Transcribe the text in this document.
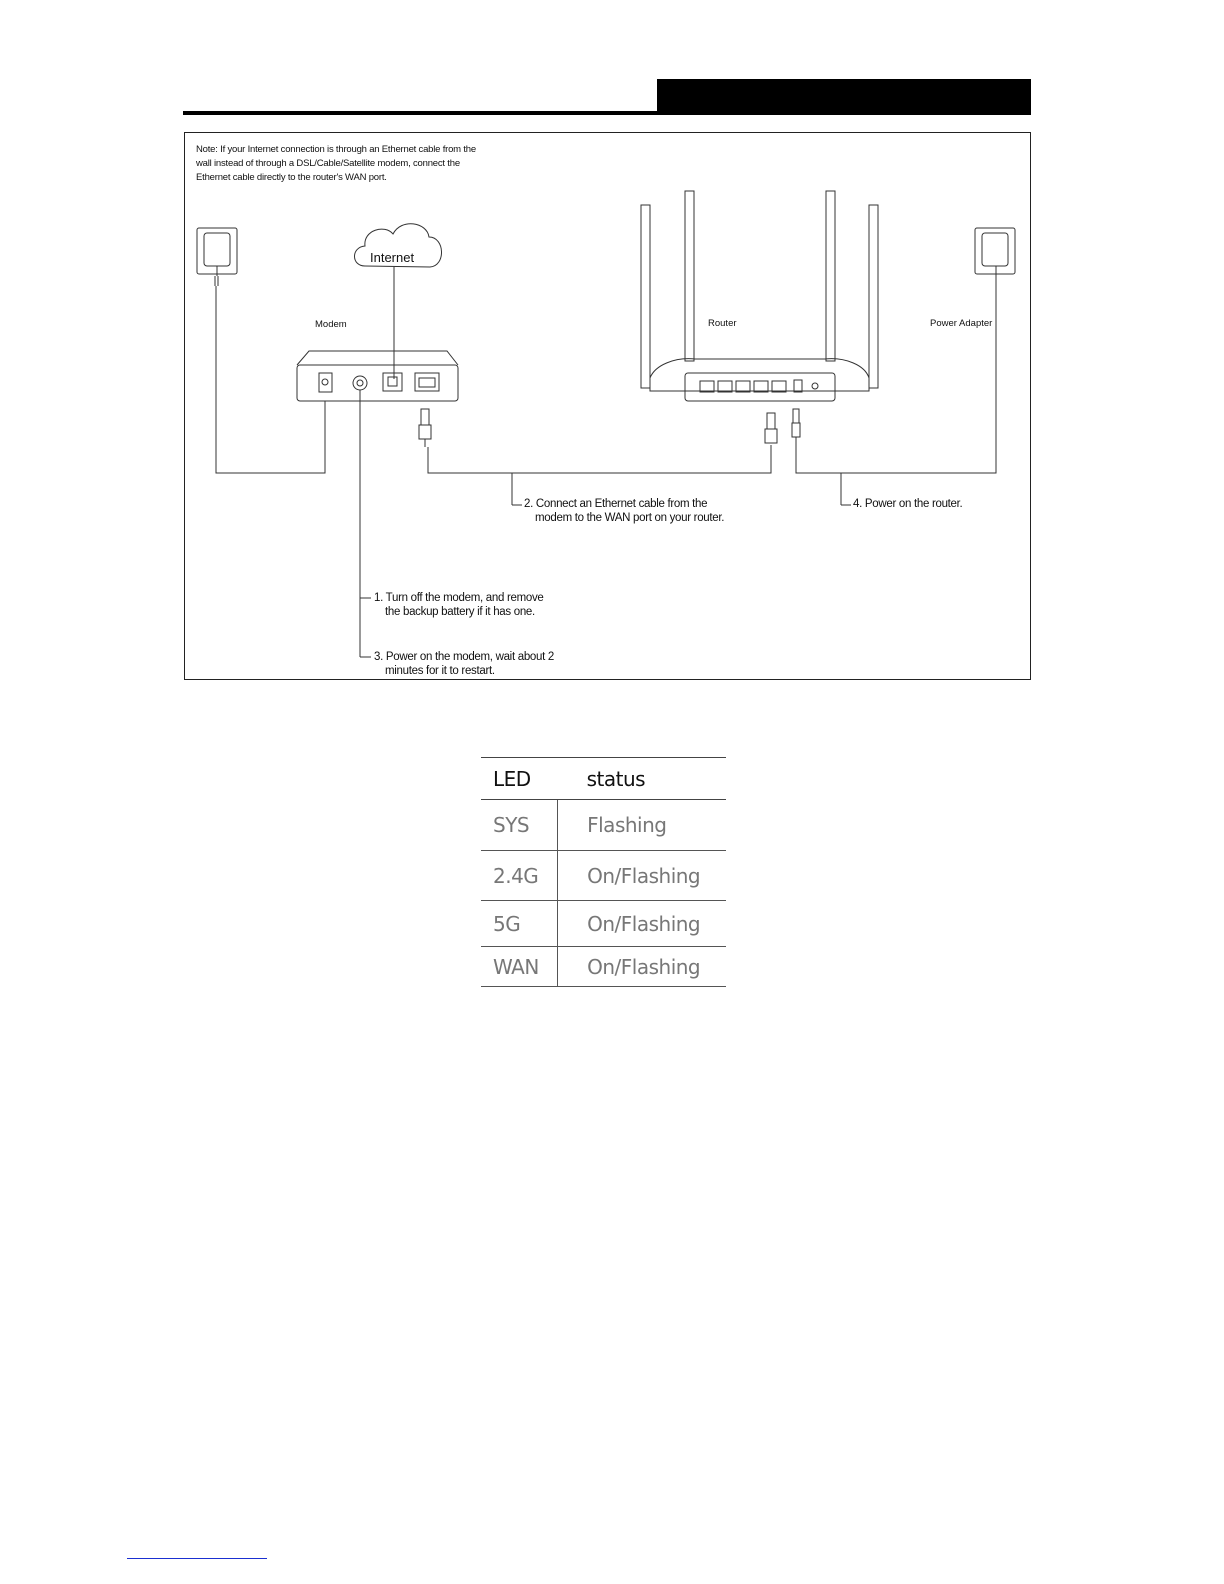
Note: If your Internet connection is through an Ethernet cable from the wall instead of through a DSL/Cable/Satellite modem, connect the Ethernet cable directly to the router's WAN port.
Internet
Modem	Router	Power Adapter
1. Turn off the modem, and remove
the backup battery if it has one.
2. Connect an Ethernet cable from the
modem to the WAN port on your router.
3. Power on the modem, wait about 2
minutes for it to restart.
4. Power on the router.
LED	status
SYS	Flashing
2.4G	On/Flashing
5G	On/Flashing
WAN	On/Flashing
